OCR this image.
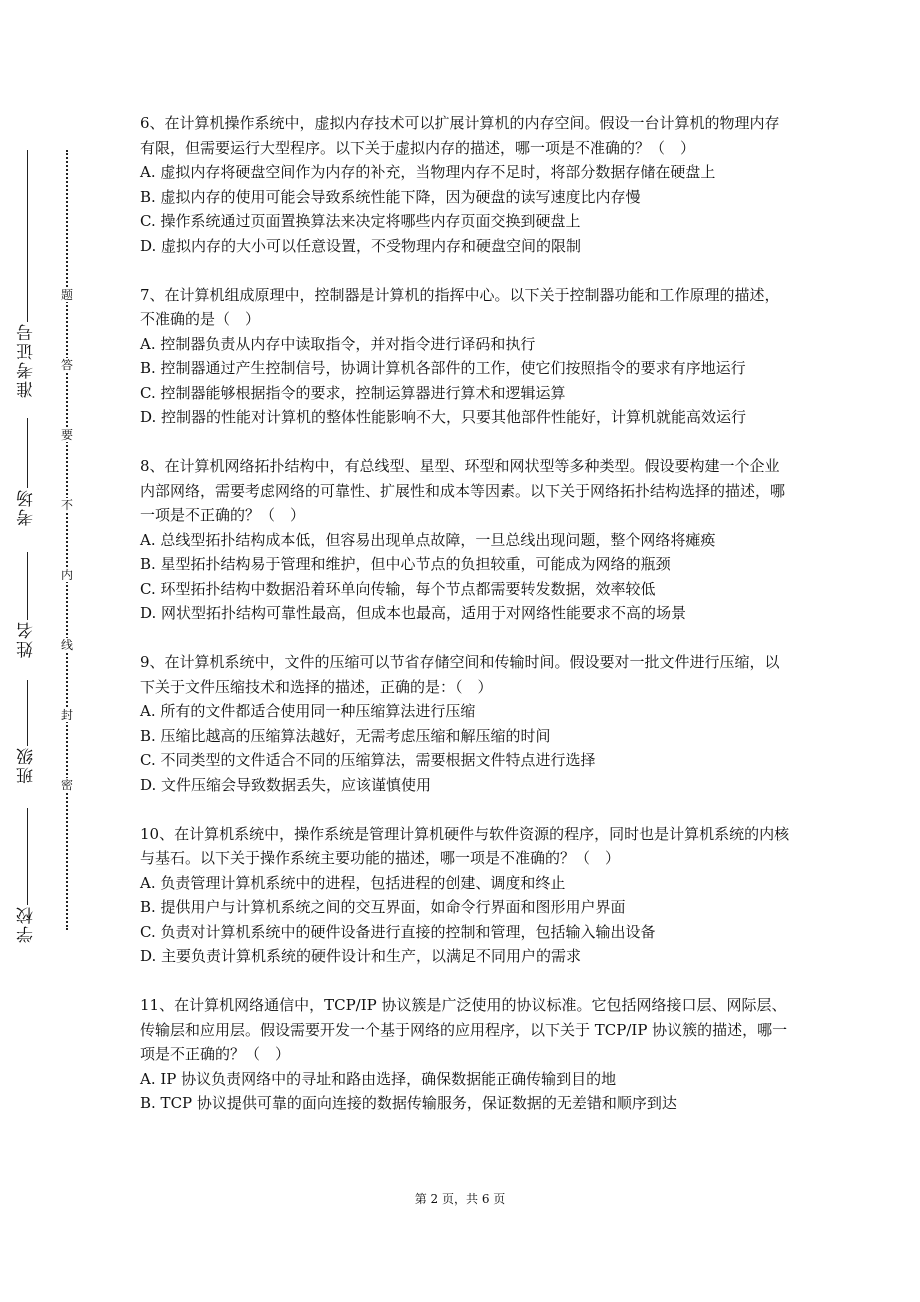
题
答
要
不
内
线
封
密
准考证号
考场
姓名
班级
学校

6、在计算机操作系统中，虚拟内存技术可以扩展计算机的内存空间。假设一台计算机的物理内存有限，但需要运行大型程序。以下关于虚拟内存的描述，哪一项是不准确的？（　）

A. 虚拟内存将硬盘空间作为内存的补充，当物理内存不足时，将部分数据存储在硬盘上

B. 虚拟内存的使用可能会导致系统性能下降，因为硬盘的读写速度比内存慢

C. 操作系统通过页面置换算法来决定将哪些内存页面交换到硬盘上

D. 虚拟内存的大小可以任意设置，不受物理内存和硬盘空间的限制

7、在计算机组成原理中，控制器是计算机的指挥中心。以下关于控制器功能和工作原理的描述，不准确的是（　）

A. 控制器负责从内存中读取指令，并对指令进行译码和执行

B. 控制器通过产生控制信号，协调计算机各部件的工作，使它们按照指令的要求有序地运行

C. 控制器能够根据指令的要求，控制运算器进行算术和逻辑运算

D. 控制器的性能对计算机的整体性能影响不大，只要其他部件性能好，计算机就能高效运行

8、在计算机网络拓扑结构中，有总线型、星型、环型和网状型等多种类型。假设要构建一个企业内部网络，需要考虑网络的可靠性、扩展性和成本等因素。以下关于网络拓扑结构选择的描述，哪一项是不正确的？（　）

A. 总线型拓扑结构成本低，但容易出现单点故障，一旦总线出现问题，整个网络将瘫痪

B. 星型拓扑结构易于管理和维护，但中心节点的负担较重，可能成为网络的瓶颈

C. 环型拓扑结构中数据沿着环单向传输，每个节点都需要转发数据，效率较低

D. 网状型拓扑结构可靠性最高，但成本也最高，适用于对网络性能要求不高的场景

9、在计算机系统中，文件的压缩可以节省存储空间和传输时间。假设要对一批文件进行压缩，以下关于文件压缩技术和选择的描述，正确的是：（　）

A. 所有的文件都适合使用同一种压缩算法进行压缩

B. 压缩比越高的压缩算法越好，无需考虑压缩和解压缩的时间

C. 不同类型的文件适合不同的压缩算法，需要根据文件特点进行选择

D. 文件压缩会导致数据丢失，应该谨慎使用

10、在计算机系统中，操作系统是管理计算机硬件与软件资源的程序，同时也是计算机系统的内核与基石。以下关于操作系统主要功能的描述，哪一项是不准确的？（　）

A. 负责管理计算机系统中的进程，包括进程的创建、调度和终止

B. 提供用户与计算机系统之间的交互界面，如命令行界面和图形用户界面

C. 负责对计算机系统中的硬件设备进行直接的控制和管理，包括输入输出设备

D. 主要负责计算机系统的硬件设计和生产，以满足不同用户的需求

11、在计算机网络通信中，TCP/IP 协议簇是广泛使用的协议标准。它包括网络接口层、网际层、传输层和应用层。假设需要开发一个基于网络的应用程序，以下关于 TCP/IP 协议簇的描述，哪一项是不正确的？（　）

A. IP 协议负责网络中的寻址和路由选择，确保数据能正确传输到目的地

B. TCP 协议提供可靠的面向连接的数据传输服务，保证数据的无差错和顺序到达

第 2 页，共 6 页
